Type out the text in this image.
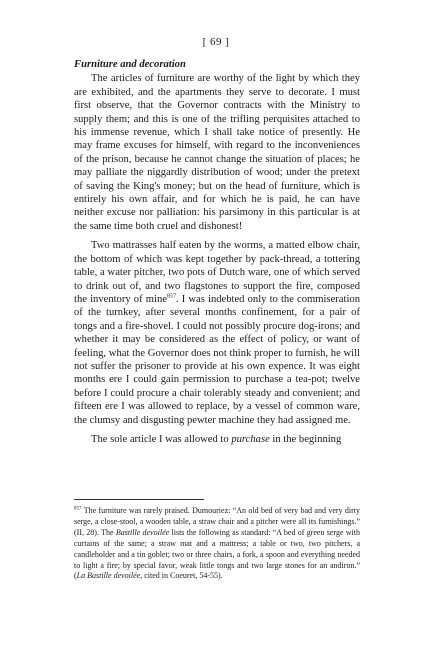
[ 69 ]
Furniture and decoration

The articles of furniture are worthy of the light by which they are exhibited, and the apartments they serve to decorate. I must first observe, that the Governor contracts with the Ministry to supply them; and this is one of the trifling perquisites attached to his immense revenue, which I shall take notice of presently. He may frame excuses for himself, with regard to the inconveniences of the prison, because he cannot change the situation of places; he may palliate the niggardly distribution of wood; under the pretext of saving the King's money; but on the head of furniture, which is entirely his own affair, and for which he is paid, he can have neither excuse nor palliation: his parsimony in this particular is at the same time both cruel and dishonest!

Two mattrasses half eaten by the worms, a matted elbow chair, the bottom of which was kept together by pack-thread, a tottering table, a water pitcher, two pots of Dutch ware, one of which served to drink out of, and two flagstones to support the fire, composed the inventory of mine$^{857}$. I was indebted only to the commiseration of the turnkey, after several months confinement, for a pair of tongs and a fire-shovel. I could not possibly procure dog-irons; and whether it may be considered as the effect of policy, or want of feeling, what the Governor does not think proper to furnish, he will not suffer the prisoner to provide at his own expence. It was eight months ere I could gain permission to purchase a tea-pot; twelve before I could procure a chair tolerably steady and convenient; and fifteen ere I was allowed to replace, by a vessel of common ware, the clumsy and disgusting pewter machine they had assigned me.

The sole article I was allowed to purchase in the beginning

$^{857}$ The furniture was rarely praised. Dumouriez: “An old bed of very bad and very dirty serge, a close-stool, a wooden table, a straw chair and a pitcher were all its furnishings.” (II, 28). The Bastille devoilée lists the following as standard: “A bed of green serge with curtains of the same; a straw mat and a mattress; a table or two, two pitchers, a candleholder and a tin goblet; two or three chairs, a fork, a spoon and everything needed to light a fire; by special favor, weak little tongs and two large stones for an andiron.” (La Bastille devoilée, cited in Coeuret, 54-55).
